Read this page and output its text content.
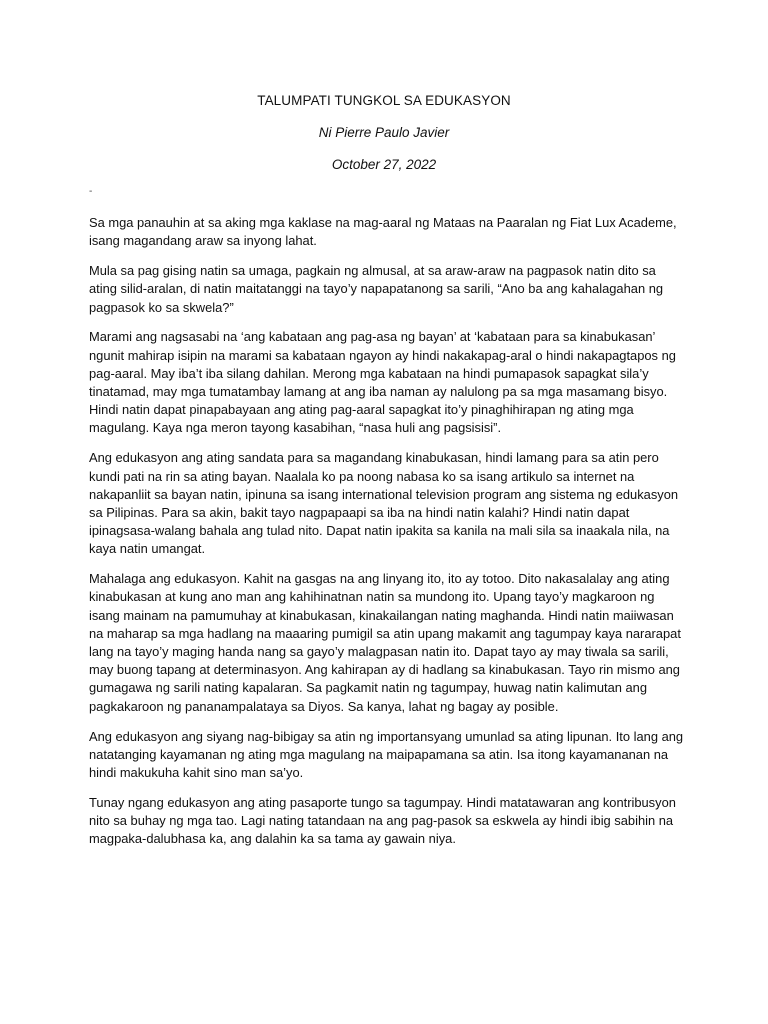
TALUMPATI TUNGKOL SA EDUKASYON
Ni Pierre Paulo Javier
October 27, 2022
-

Sa mga panauhin at sa aking mga kaklase na mag-aaral ng Mataas na Paaralan ng Fiat Lux Academe, isang magandang araw sa inyong lahat.

Mula sa pag gising natin sa umaga, pagkain ng almusal, at sa araw-araw na pagpasok natin dito sa ating silid-aralan, di natin maitatanggi na tayo’y napapatanong sa sarili, “Ano ba ang kahalagahan ng pagpasok ko sa skwela?”

Marami ang nagsasabi na ‘ang kabataan ang pag-asa ng bayan’ at ‘kabataan para sa kinabukasan’ ngunit mahirap isipin na marami sa kabataan ngayon ay hindi nakakapag-aral o hindi nakapagtapos ng pag-aaral. May iba’t iba silang dahilan. Merong mga kabataan na hindi pumapasok sapagkat sila’y tinatamad, may mga tumatambay lamang at ang iba naman ay nalulong pa sa mga masamang bisyo. Hindi natin dapat pinapabayaan ang ating pag-aaral sapagkat ito’y pinaghihirapan ng ating mga magulang. Kaya nga meron tayong kasabihan, “nasa huli ang pagsisisi”.

Ang edukasyon ang ating sandata para sa magandang kinabukasan, hindi lamang para sa atin pero kundi pati na rin sa ating bayan. Naalala ko pa noong nabasa ko sa isang artikulo sa internet na nakapanliit sa bayan natin, ipinuna sa isang international television program ang sistema ng edukasyon sa Pilipinas. Para sa akin, bakit tayo nagpapaapi sa iba na hindi natin kalahi? Hindi natin dapat ipinagsasa-walang bahala ang tulad nito. Dapat natin ipakita sa kanila na mali sila sa inaakala nila, na kaya natin umangat.

Mahalaga ang edukasyon. Kahit na gasgas na ang linyang ito, ito ay totoo. Dito nakasalalay ang ating kinabukasan at kung ano man ang kahihinatnan natin sa mundong ito. Upang tayo’y magkaroon ng isang mainam na pamumuhay at kinabukasan, kinakailangan nating maghanda. Hindi natin maiiwasan na maharap sa mga hadlang na maaaring pumigil sa atin upang makamit ang tagumpay kaya nararapat lang na tayo’y maging handa nang sa gayo’y malagpasan natin ito. Dapat tayo ay may tiwala sa sarili, may buong tapang at determinasyon. Ang kahirapan ay di hadlang sa kinabukasan. Tayo rin mismo ang gumagawa ng sarili nating kapalaran. Sa pagkamit natin ng tagumpay, huwag natin kalimutan ang pagkakaroon ng pananampalataya sa Diyos. Sa kanya, lahat ng bagay ay posible.

Ang edukasyon ang siyang nag-bibigay sa atin ng importansyang umunlad sa ating lipunan. Ito lang ang natatanging kayamanan ng ating mga magulang na maipapamana sa atin. Isa itong kayamananan na hindi makukuha kahit sino man sa’yo.

Tunay ngang edukasyon ang ating pasaporte tungo sa tagumpay. Hindi matatawaran ang kontribusyon nito sa buhay ng mga tao. Lagi nating tatandaan na ang pag-pasok sa eskwela ay hindi ibig sabihin na magpaka-dalubhasa ka, ang dalahin ka sa tama ay gawain niya.
